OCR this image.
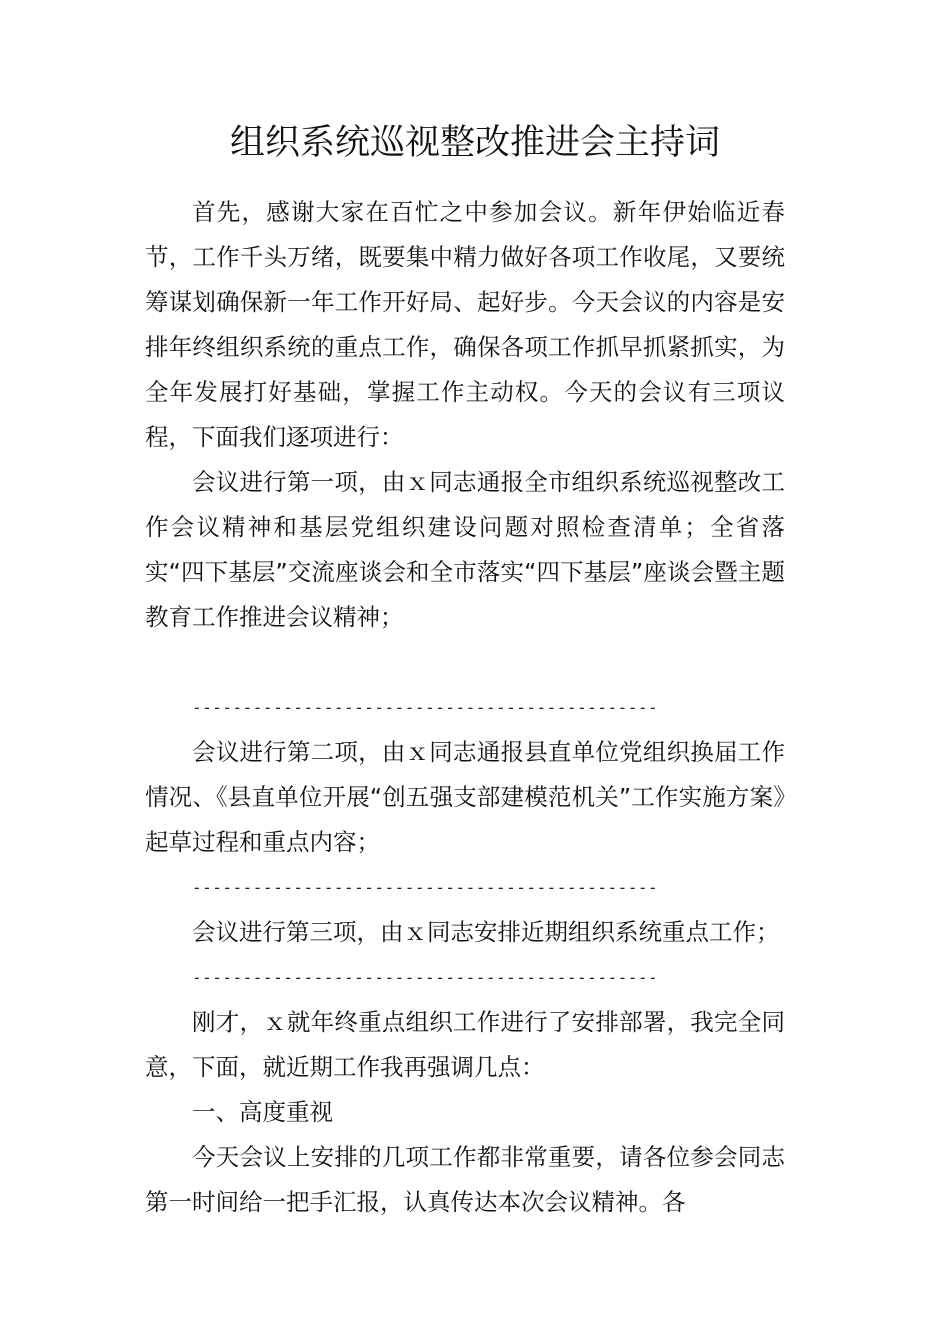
组织系统巡视整改推进会主持词

首先，感谢大家在百忙之中参加会议。新年伊始临近春节，工作千头万绪，既要集中精力做好各项工作收尾，又要统筹谋划确保新一年工作开好局、起好步。今天会议的内容是安排年终组织系统的重点工作，确保各项工作抓早抓紧抓实，为全年发展打好基础，掌握工作主动权。今天的会议有三项议程，下面我们逐项进行：

会议进行第一项，由ｘ同志通报全市组织系统巡视整改工作会议精神和基层党组织建设问题对照检查清单；全省落实“四下基层”交流座谈会和全市落实“四下基层”座谈会暨主题教育工作推进会议精神；

----------------------------------------------

会议进行第二项，由ｘ同志通报县直单位党组织换届工作情况、《县直单位开展“创五强支部建模范机关”工作实施方案》起草过程和重点内容；

----------------------------------------------

会议进行第三项，由ｘ同志安排近期组织系统重点工作；

----------------------------------------------

刚才，ｘ就年终重点组织工作进行了安排部署，我完全同意，下面，就近期工作我再强调几点：

一、高度重视

今天会议上安排的几项工作都非常重要，请各位参会同志第一时间给一把手汇报，认真传达本次会议精神。各
